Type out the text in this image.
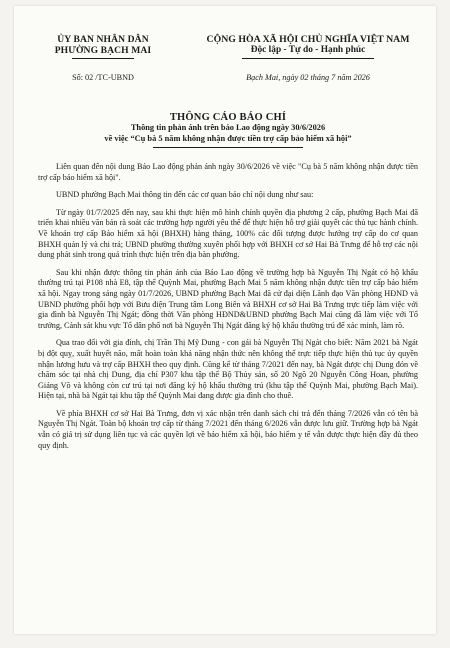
ỦY BAN NHÂN DÂN
PHƯỜNG BẠCH MAI
CỘNG HÒA XÃ HỘI CHỦ NGHĨA VIỆT NAM
Độc lập - Tự do - Hạnh phúc
Số: 02 /TC-UBND	Bạch Mai, ngày 02 tháng 7 năm 2026
THÔNG CÁO BÁO CHÍ
Thông tin phản ánh trên báo Lao động ngày 30/6/2026
về việc “Cụ bà 5 năm không nhận được tiền trợ cấp bảo hiểm xã hội”

Liên quan đến nội dung Báo Lao động phản ánh ngày 30/6/2026 về việc "Cụ bà 5 năm không nhận được tiền trợ cấp bảo hiểm xã hội".

UBND phường Bạch Mai thông tin đến các cơ quan báo chí nội dung như sau:

Từ ngày 01/7/2025 đến nay, sau khi thực hiện mô hình chính quyền địa phương 2 cấp, phường Bạch Mai đã triển khai nhiều văn bản rà soát các trường hợp người yêu thế để thực hiện hỗ trợ giải quyết các thủ tục hành chính. Về khoản trợ cấp Bảo hiểm xã hội (BHXH) hàng tháng, 100% các đối tượng được hưởng trợ cấp do cơ quan BHXH quản lý và chi trả; UBND phường thường xuyên phối hợp với BHXH cơ sở Hai Bà Trưng để hỗ trợ các nội dung phát sinh trong quá trình thực hiện trên địa bàn phường.

Sau khi nhận được thông tin phản ánh của Báo Lao động về trường hợp bà Nguyễn Thị Ngát có hộ khẩu thường trú tại P108 nhà E8, tập thể Quỳnh Mai, phường Bạch Mai 5 năm không nhận được tiền trợ cấp bảo hiểm xã hội. Ngay trong sáng ngày 01/7/2026, UBND phường Bạch Mai đã cử đại diện Lãnh đạo Văn phòng HĐND và UBND phường phối hợp với Bưu điện Trung tâm Long Biên và BHXH cơ sở Hai Bà Trưng trực tiếp làm việc với gia đình bà Nguyễn Thị Ngát; đồng thời Văn phòng HĐND&UBND phường Bạch Mai cũng đã làm việc với Tổ trưởng, Cảnh sát khu vực Tổ dân phố nơi bà Nguyễn Thị Ngát đăng ký hộ khẩu thường trú để xác minh, làm rõ.

Qua trao đổi với gia đình, chị Trần Thị Mỹ Dung - con gái bà Nguyễn Thị Ngát cho biết: Năm 2021 bà Ngát bị đột quỵ, xuất huyết não, mất hoàn toàn khả năng nhận thức nên không thể trực tiếp thực hiện thủ tục ủy quyền nhận lương hưu và trợ cấp BHXH theo quy định. Cũng kể từ tháng 7/2021 đến nay, bà Ngát được chị Dung đón về chăm sóc tại nhà chị Dung, địa chỉ P307 khu tập thể Bộ Thủy sản, số 20 Ngõ 20 Nguyễn Công Hoan, phường Giảng Võ và không còn cư trú tại nơi đăng ký hộ khẩu thường trú (khu tập thể Quỳnh Mai, phường Bạch Mai). Hiện tại, nhà bà Ngát tại khu tập thể Quỳnh Mai đang được gia đình cho thuê.

Về phía BHXH cơ sở Hai Bà Trưng, đơn vị xác nhận trên danh sách chi trả đến tháng 7/2026 vẫn có tên bà Nguyễn Thị Ngát. Toàn bộ khoản trợ cấp từ tháng 7/2021 đến tháng 6/2026 vẫn được lưu giữ. Trường hợp bà Ngát vẫn có giá trị sử dụng liên tục và các quyền lợi về bảo hiểm xã hội, bảo hiểm y tế vẫn được thực hiện đầy đủ theo quy định.
